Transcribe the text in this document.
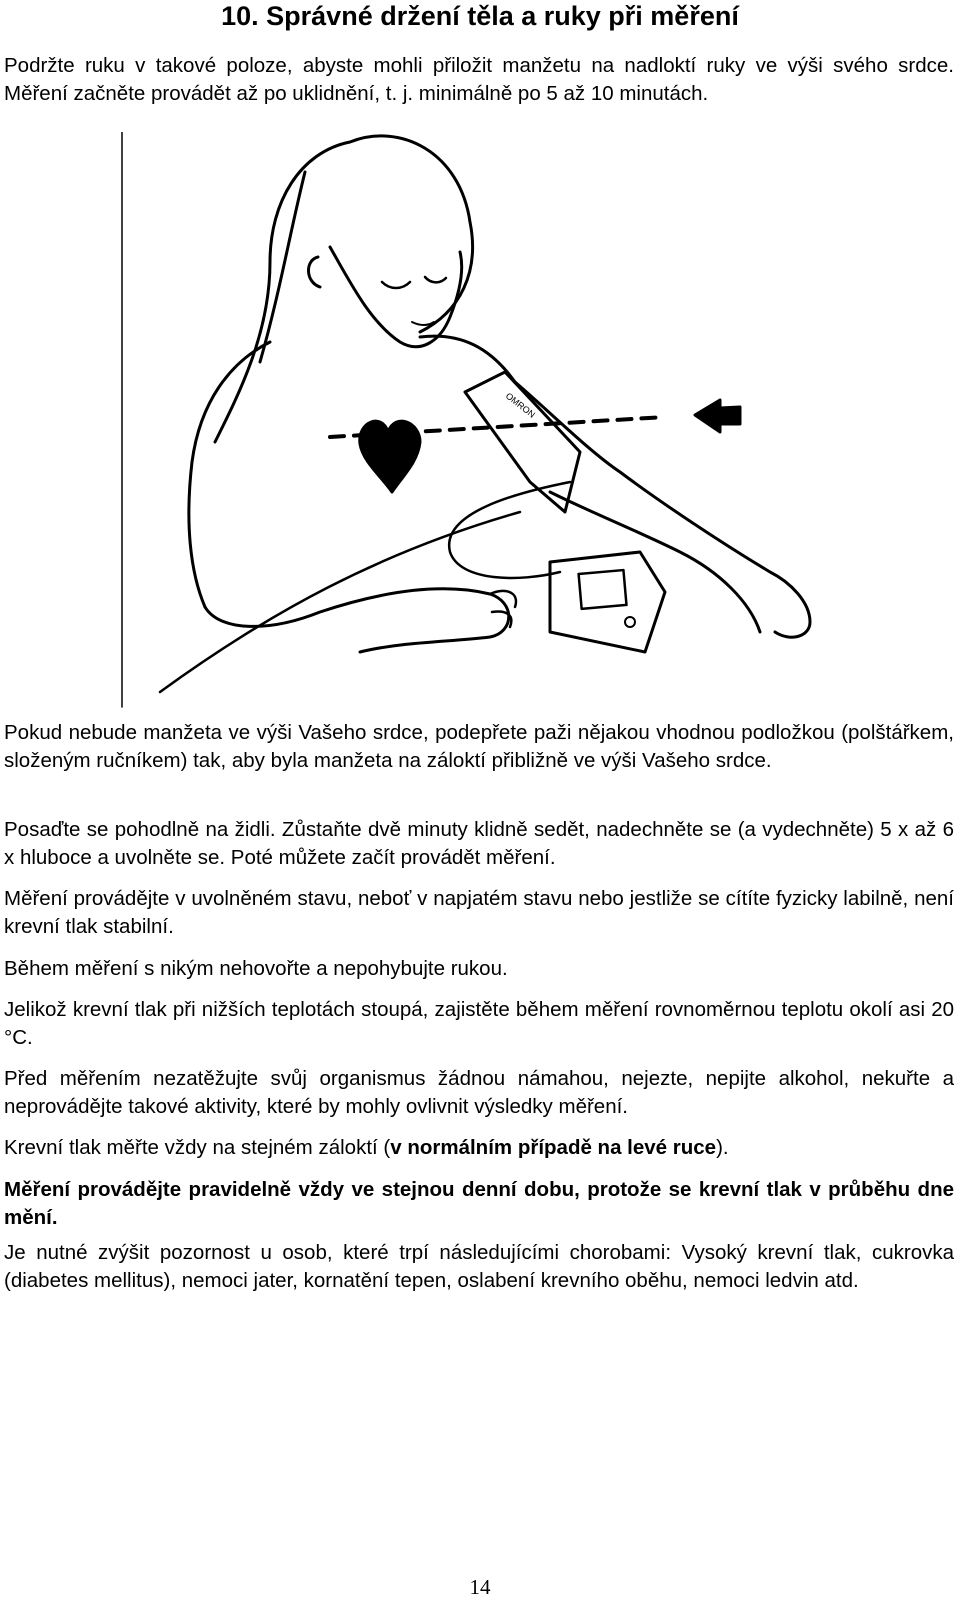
10. Správné držení těla a ruky při měření

Podržte ruku v takové poloze, abyste mohli přiložit manžetu na nadloktí ruky ve výši svého srdce. Měření začněte provádět až po uklidnění, t. j. minimálně po 5 až 10 minutách.

OMRON

Pokud nebude manžeta ve výši Vašeho srdce, podepřete paži nějakou vhodnou podložkou (polštářkem, složeným ručníkem) tak, aby byla manžeta na záloktí přibližně ve výši Vašeho srdce.

Posaďte se pohodlně na židli. Zůstaňte dvě minuty klidně sedět, nadechněte se (a vydechněte) 5 x až 6 x hluboce a uvolněte se. Poté můžete začít provádět měření.

Měření provádějte v uvolněném stavu, neboť v napjatém stavu nebo jestliže se cítíte fyzicky labilně, není krevní tlak stabilní.

Během měření s nikým nehovořte a nepohybujte rukou.

Jelikož krevní tlak při nižších teplotách stoupá, zajistěte během měření rovnoměrnou teplotu okolí asi 20 °C.

Před měřením nezatěžujte svůj organismus žádnou námahou, nejezte, nepijte alkohol, nekuřte a neprovádějte takové aktivity, které by mohly ovlivnit výsledky měření.

Krevní tlak měřte vždy na stejném záloktí (v normálním případě na levé ruce).

Měření provádějte pravidelně vždy ve stejnou denní dobu, protože se krevní tlak v průběhu dne mění.

Je nutné zvýšit pozornost u osob, které trpí následujícími chorobami: Vysoký krevní tlak, cukrovka (diabetes mellitus), nemoci jater, kornatění tepen, oslabení krevního oběhu, nemoci ledvin atd.

14
